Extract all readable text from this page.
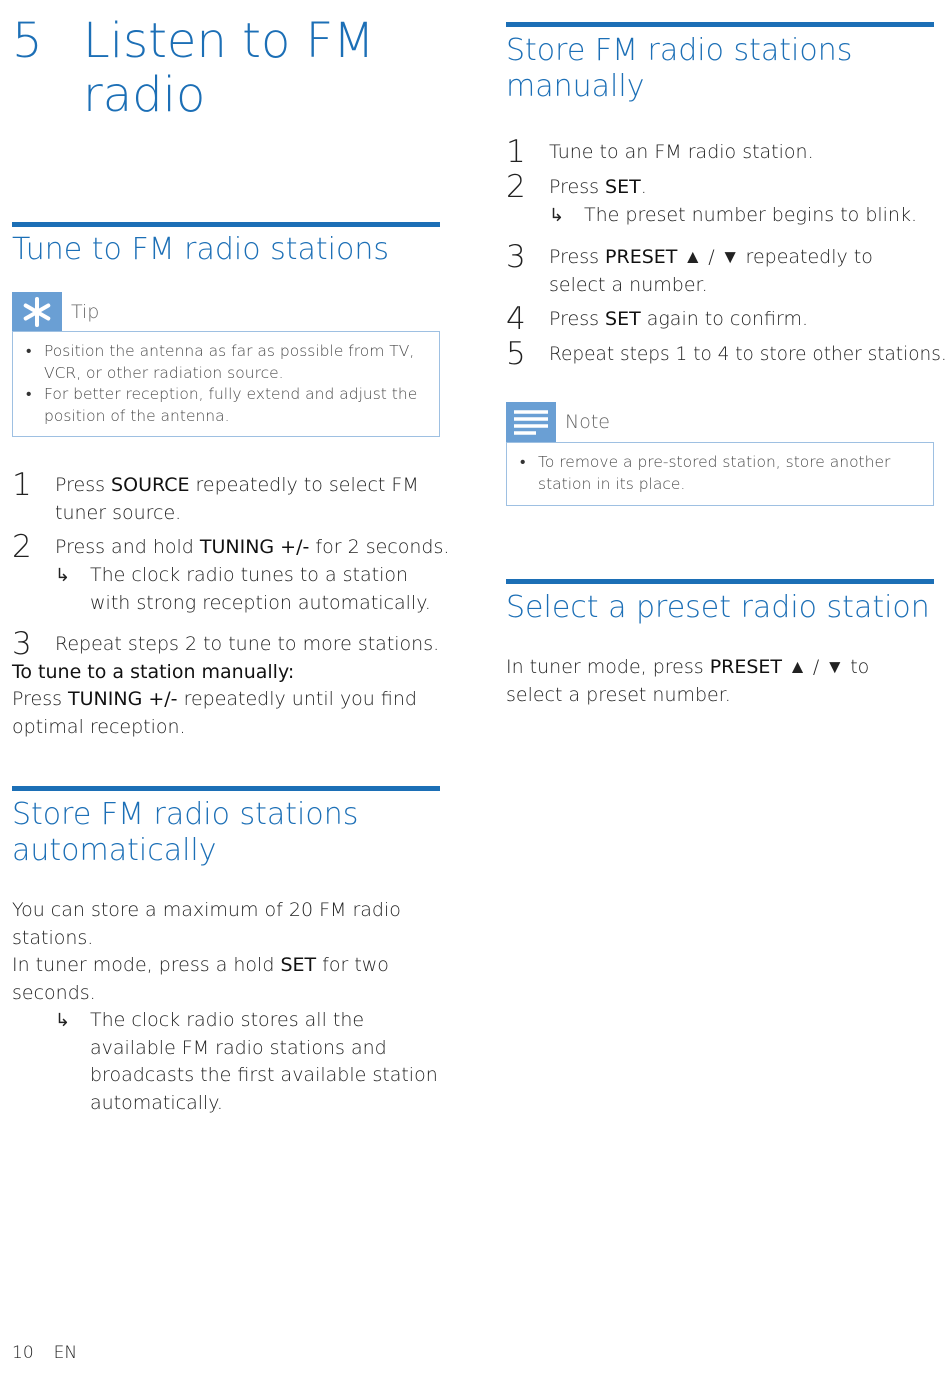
5 Listen to FM radio
Tune to FM radio stations
Tip
• Position the antenna as far as possible from TV, VCR, or other radiation source.
• For better reception, fully extend and adjust the position of the antenna.
1 Press SOURCE repeatedly to select FM tuner source.
2 Press and hold TUNING +/- for 2 seconds.
↳ The clock radio tunes to a station with strong reception automatically.
3 Repeat steps 2 to tune to more stations.
To tune to a station manually:
Press TUNING +/- repeatedly until you find optimal reception.
Store FM radio stations automatically
You can store a maximum of 20 FM radio stations.
In tuner mode, press a hold SET for two seconds.
↳ The clock radio stores all the available FM radio stations and broadcasts the first available station automatically.
Store FM radio stations manually
1 Tune to an FM radio station.
2 Press SET.
↳ The preset number begins to blink.
3 Press PRESET ▲ / ▼ repeatedly to select a number.
4 Press SET again to confirm.
5 Repeat steps 1 to 4 to store other stations.
Note
• To remove a pre-stored station, store another station in its place.
Select a preset radio station
In tuner mode, press PRESET ▲ / ▼ to select a preset number.
10 EN
